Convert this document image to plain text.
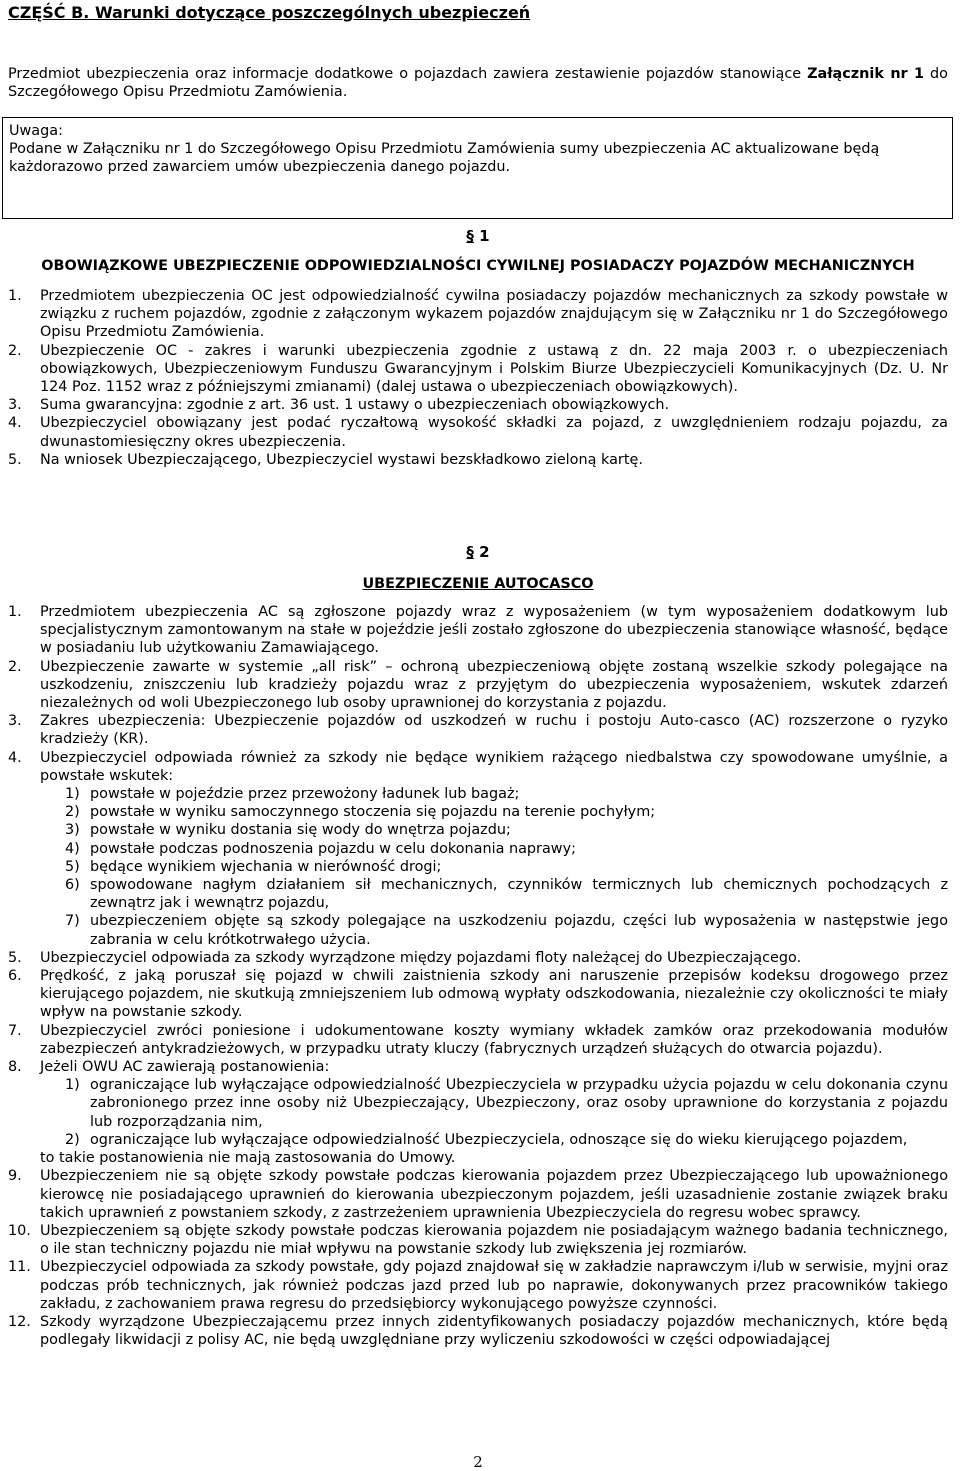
CZĘŚĆ B. Warunki dotyczące poszczególnych ubezpieczeń
Przedmiot ubezpieczenia oraz informacje dodatkowe o pojazdach zawiera zestawienie pojazdów stanowiące Załącznik nr 1 do Szczegółowego Opisu Przedmiotu Zamówienia.

Uwaga:

Podane w Załączniku nr 1 do Szczegółowego Opisu Przedmiotu Zamówienia sumy ubezpieczenia AC aktualizowane będą każdorazowo przed zawarciem umów ubezpieczenia danego pojazdu.

§ 1
OBOWIĄZKOWE UBEZPIECZENIE ODPOWIEDZIALNOŚCI CYWILNEJ POSIADACZY POJAZDÓW MECHANICZNYCH
1. Przedmiotem ubezpieczenia OC jest odpowiedzialność cywilna posiadaczy pojazdów mechanicznych za szkody powstałe w związku z ruchem pojazdów, zgodnie z załączonym wykazem pojazdów znajdującym się w Załączniku nr 1 do Szczegółowego Opisu Przedmiotu Zamówienia.
2. Ubezpieczenie OC - zakres i warunki ubezpieczenia zgodnie z ustawą z dn. 22 maja 2003 r. o ubezpieczeniach obowiązkowych, Ubezpieczeniowym Funduszu Gwarancyjnym i Polskim Biurze Ubezpieczycieli Komunikacyjnych (Dz. U. Nr 124 Poz. 1152 wraz z późniejszymi zmianami) (dalej ustawa o ubezpieczeniach obowiązkowych).
3. Suma gwarancyjna: zgodnie z art. 36 ust. 1 ustawy o ubezpieczeniach obowiązkowych.
4. Ubezpieczyciel obowiązany jest podać ryczałtową wysokość składki za pojazd, z uwzględnieniem rodzaju pojazdu, za dwunastomiesięczny okres ubezpieczenia.
5. Na wniosek Ubezpieczającego, Ubezpieczyciel wystawi bezskładkowo zieloną kartę.
§ 2
UBEZPIECZENIE AUTOCASCO
1. Przedmiotem ubezpieczenia AC są zgłoszone pojazdy wraz z wyposażeniem (w tym wyposażeniem dodatkowym lub specjalistycznym zamontowanym na stałe w pojeździe jeśli zostało zgłoszone do ubezpieczenia stanowiące własność, będące w posiadaniu lub użytkowaniu Zamawiającego.
2. Ubezpieczenie zawarte w systemie „all risk” – ochroną ubezpieczeniową objęte zostaną wszelkie szkody polegające na uszkodzeniu, zniszczeniu lub kradzieży pojazdu wraz z przyjętym do ubezpieczenia wyposażeniem, wskutek zdarzeń niezależnych od woli Ubezpieczonego lub osoby uprawnionej do korzystania z pojazdu.
3. Zakres ubezpieczenia: Ubezpieczenie pojazdów od uszkodzeń w ruchu i postoju Auto-casco (AC) rozszerzone o ryzyko kradzieży (KR).
4. Ubezpieczyciel odpowiada również za szkody nie będące wynikiem rażącego niedbalstwa czy spowodowane umyślnie, a powstałe wskutek:
1) powstałe w pojeździe przez przewożony ładunek lub bagaż;
2) powstałe w wyniku samoczynnego stoczenia się pojazdu na terenie pochyłym;
3) powstałe w wyniku dostania się wody do wnętrza pojazdu;
4) powstałe podczas podnoszenia pojazdu w celu dokonania naprawy;
5) będące wynikiem wjechania w nierówność drogi;
6) spowodowane nagłym działaniem sił mechanicznych, czynników termicznych lub chemicznych pochodzących z zewnątrz jak i wewnątrz pojazdu,
7) ubezpieczeniem objęte są szkody polegające na uszkodzeniu pojazdu, części lub wyposażenia w następstwie jego zabrania w celu krótkotrwałego użycia.
5. Ubezpieczyciel odpowiada za szkody wyrządzone między pojazdami floty należącej do Ubezpieczającego.
6. Prędkość, z jaką poruszał się pojazd w chwili zaistnienia szkody ani naruszenie przepisów kodeksu drogowego przez kierującego pojazdem, nie skutkują zmniejszeniem lub odmową wypłaty odszkodowania, niezależnie czy okoliczności te miały wpływ na powstanie szkody.
7. Ubezpieczyciel zwróci poniesione i udokumentowane koszty wymiany wkładek zamków oraz przekodowania modułów zabezpieczeń antykradzieżowych, w przypadku utraty kluczy (fabrycznych urządzeń służących do otwarcia pojazdu).
8. Jeżeli OWU AC zawierają postanowienia:
1) ograniczające lub wyłączające odpowiedzialność Ubezpieczyciela w przypadku użycia pojazdu w celu dokonania czynu zabronionego przez inne osoby niż Ubezpieczający, Ubezpieczony, oraz osoby uprawnione do korzystania z pojazdu lub rozporządzania nim,
2) ograniczające lub wyłączające odpowiedzialność Ubezpieczyciela, odnoszące się do wieku kierującego pojazdem,
to takie postanowienia nie mają zastosowania do Umowy.
9. Ubezpieczeniem nie są objęte szkody powstałe podczas kierowania pojazdem przez Ubezpieczającego lub upoważnionego kierowcę nie posiadającego uprawnień do kierowania ubezpieczonym pojazdem, jeśli uzasadnienie zostanie związek braku takich uprawnień z powstaniem szkody, z zastrzeżeniem uprawnienia Ubezpieczyciela do regresu wobec sprawcy.
10. Ubezpieczeniem są objęte szkody powstałe podczas kierowania pojazdem nie posiadającym ważnego badania technicznego, o ile stan techniczny pojazdu nie miał wpływu na powstanie szkody lub zwiększenia jej rozmiarów.
11. Ubezpieczyciel odpowiada za szkody powstałe, gdy pojazd znajdował się w zakładzie naprawczym i/lub w serwisie, myjni oraz podczas prób technicznych, jak również podczas jazd przed lub po naprawie, dokonywanych przez pracowników takiego zakładu, z zachowaniem prawa regresu do przedsiębiorcy wykonującego powyższe czynności.
12. Szkody wyrządzone Ubezpieczającemu przez innych zidentyfikowanych posiadaczy pojazdów mechanicznych, które będą podlegały likwidacji z polisy AC, nie będą uwzględniane przy wyliczeniu szkodowości w części odpowiadającej
2
